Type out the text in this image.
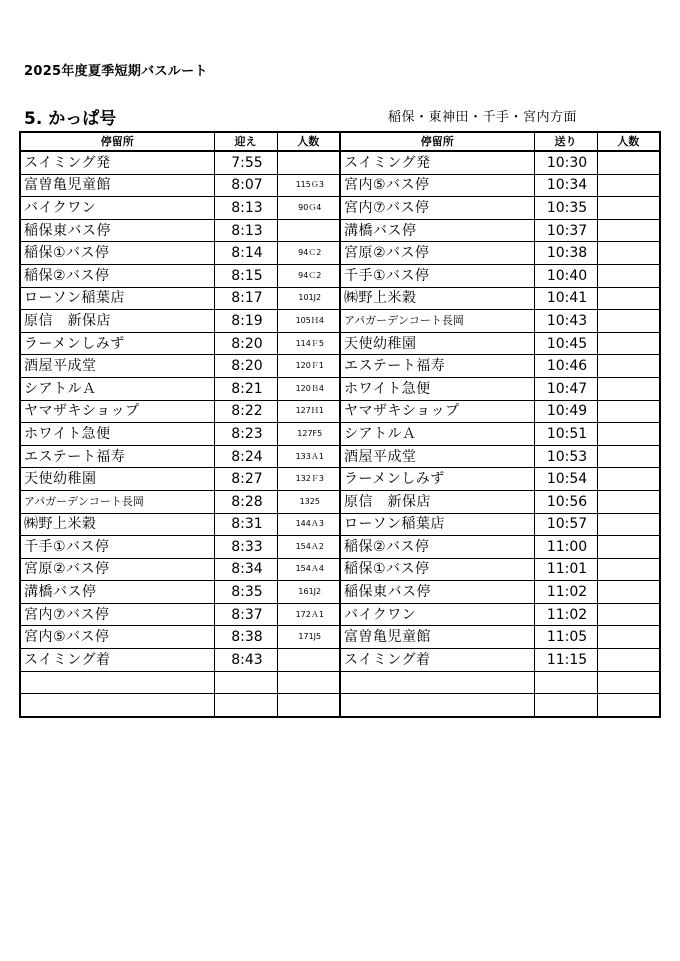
2025年度夏季短期バスルート
5. かっぱ号	稲保・東神田・千手・宮内方面
停留所	迎え	人数	停留所	送り	人数
スイミング発	7:55		スイミング発	10:30	
富曽亀児童館	8:07	115Ｇ3	宮内⑤バス停	10:34	
バイクワン	8:13	90Ｇ4	宮内⑦バス停	10:35	
稲保東バス停	8:13		溝橋バス停	10:37	
稲保①バス停	8:14	94Ｃ2	宮原②バス停	10:38	
稲保②バス停	8:15	94Ｃ2	千手①バス停	10:40	
ローソン稲葉店	8:17	101J2	㈱野上米穀	10:41	
原信　新保店	8:19	105Ｈ4	アパガーデンコート長岡	10:43	
ラーメンしみず	8:20	114Ｆ5	天使幼稚園	10:45	
酒屋平成堂	8:20	120Ｆ1	エステート福寿	10:46	
シアトルＡ	8:21	120Ｂ4	ホワイト急便	10:47	
ヤマザキショップ	8:22	127Ｈ1	ヤマザキショップ	10:49	
ホワイト急便	8:23	127F5	シアトルＡ	10:51	
エステート福寿	8:24	133Ａ1	酒屋平成堂	10:53	
天使幼稚園	8:27	132Ｆ3	ラーメンしみず	10:54	
アパガーデンコート長岡	8:28	1325	原信　新保店	10:56	
㈱野上米穀	8:31	144Ａ3	ローソン稲葉店	10:57	
千手①バス停	8:33	154Ａ2	稲保②バス停	11:00	
宮原②バス停	8:34	154Ａ4	稲保①バス停	11:01	
溝橋バス停	8:35	161J2	稲保東バス停	11:02	
宮内⑦バス停	8:37	172Ａ1	バイクワン	11:02	
宮内⑤バス停	8:38	171J5	富曽亀児童館	11:05	
スイミング着	8:43		スイミング着	11:15	
